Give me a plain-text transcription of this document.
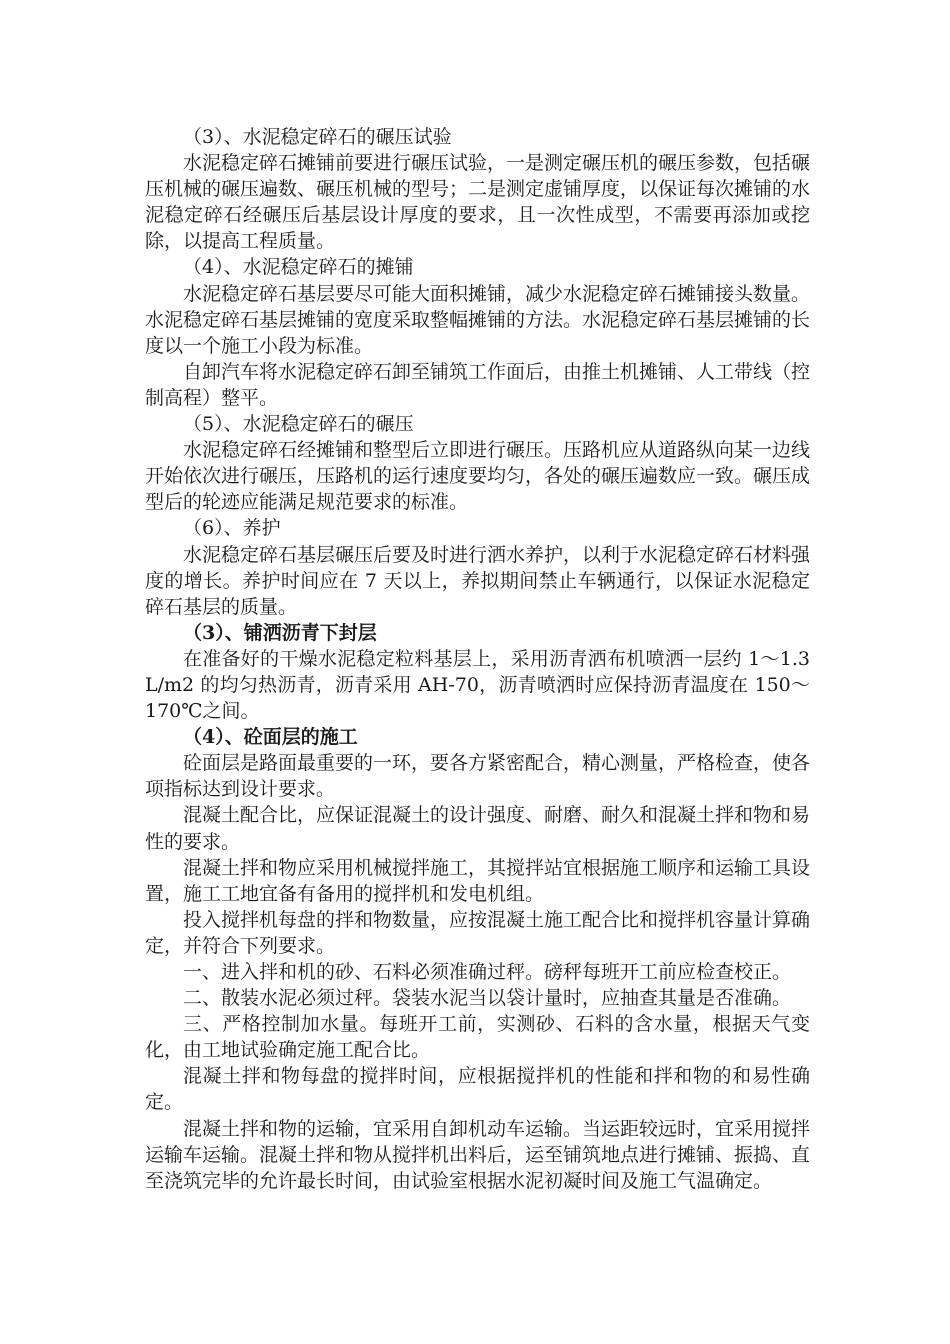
（3）、水泥稳定碎石的碾压试验
水泥稳定碎石摊铺前要进行碾压试验，一是测定碾压机的碾压参数，包括碾压机械的碾压遍数、碾压机械的型号；二是测定虚铺厚度，以保证每次摊铺的水泥稳定碎石经碾压后基层设计厚度的要求，且一次性成型，不需要再添加或挖除，以提高工程质量。
（4）、水泥稳定碎石的摊铺
水泥稳定碎石基层要尽可能大面积摊铺，减少水泥稳定碎石摊铺接头数量。水泥稳定碎石基层摊铺的宽度采取整幅摊铺的方法。水泥稳定碎石基层摊铺的长度以一个施工小段为标准。
自卸汽车将水泥稳定碎石卸至铺筑工作面后，由推土机摊铺、人工带线（控制高程）整平。
（5）、水泥稳定碎石的碾压
水泥稳定碎石经摊铺和整型后立即进行碾压。压路机应从道路纵向某一边线开始依次进行碾压，压路机的运行速度要均匀，各处的碾压遍数应一致。碾压成型后的轮迹应能满足规范要求的标准。
（6）、养护
水泥稳定碎石基层碾压后要及时进行洒水养护，以利于水泥稳定碎石材料强度的增长。养护时间应在 7 天以上，养拟期间禁止车辆通行，以保证水泥稳定碎石基层的质量。
（3）、铺洒沥青下封层
在准备好的干燥水泥稳定粒料基层上，采用沥青洒布机喷洒一层约 1～1.3L/m2 的均匀热沥青，沥青采用 AH-70，沥青喷洒时应保持沥青温度在 150～170℃之间。
（4）、砼面层的施工
砼面层是路面最重要的一环，要各方紧密配合，精心测量，严格检查，使各项指标达到设计要求。
混凝土配合比，应保证混凝土的设计强度、耐磨、耐久和混凝土拌和物和易性的要求。
混凝土拌和物应采用机械搅拌施工，其搅拌站宜根据施工顺序和运输工具设置，施工工地宜备有备用的搅拌机和发电机组。
投入搅拌机每盘的拌和物数量，应按混凝土施工配合比和搅拌机容量计算确定，并符合下列要求。
一、进入拌和机的砂、石料必须准确过秤。磅秤每班开工前应检查校正。
二、散装水泥必须过秤。袋装水泥当以袋计量时，应抽查其量是否准确。
三、严格控制加水量。每班开工前，实测砂、石料的含水量，根据天气变化，由工地试验确定施工配合比。
混凝土拌和物每盘的搅拌时间，应根据搅拌机的性能和拌和物的和易性确定。
混凝土拌和物的运输，宜采用自卸机动车运输。当运距较远时，宜采用搅拌运输车运输。混凝土拌和物从搅拌机出料后，运至铺筑地点进行摊铺、振捣、直至浇筑完毕的允许最长时间，由试验室根据水泥初凝时间及施工气温确定。
